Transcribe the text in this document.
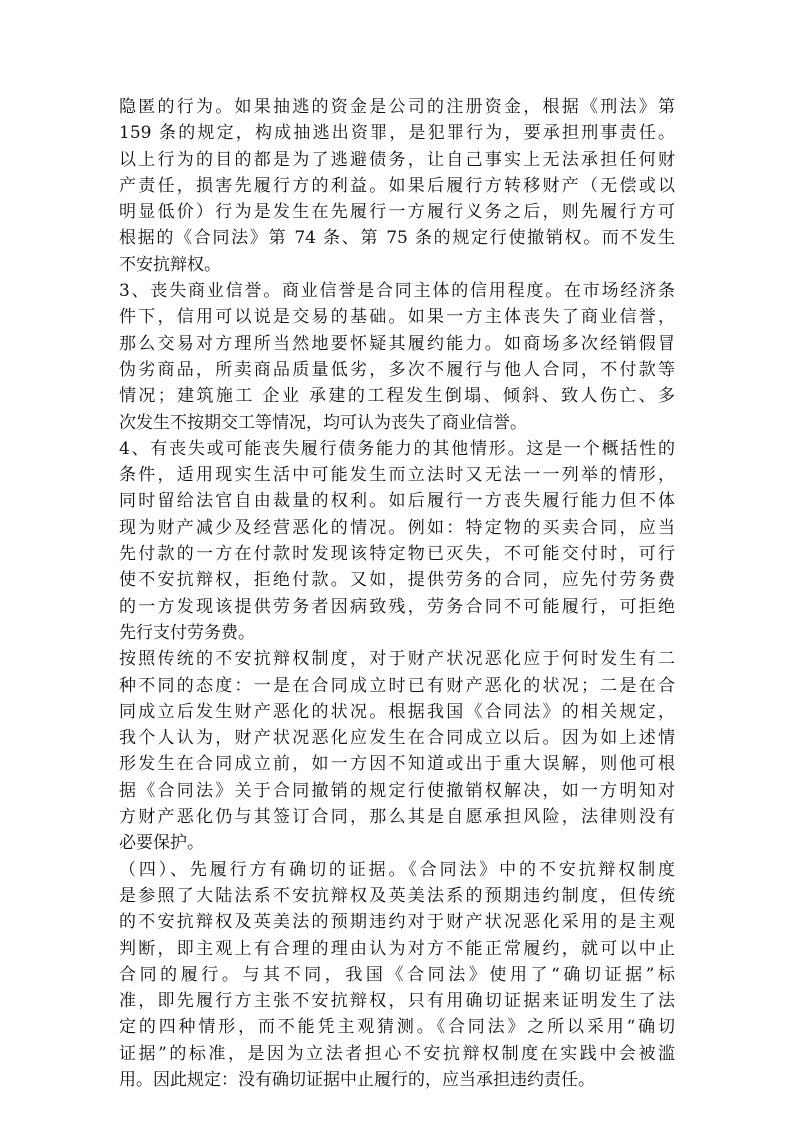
隐匿的行为。如果抽逃的资金是公司的注册资金，根据《刑法》第
159 条的规定，构成抽逃出资罪，是犯罪行为，要承担刑事责任。
以上行为的目的都是为了逃避债务，让自己事实上无法承担任何财
产责任，损害先履行方的利益。如果后履行方转移财产（无偿或以
明显低价）行为是发生在先履行一方履行义务之后，则先履行方可
根据的《合同法》第 74 条、第 75 条的规定行使撤销权。而不发生
不安抗辩权。
3、丧失商业信誉。商业信誉是合同主体的信用程度。在市场经济条
件下，信用可以说是交易的基础。如果一方主体丧失了商业信誉，
那么交易对方理所当然地要怀疑其履约能力。如商场多次经销假冒
伪劣商品，所卖商品质量低劣，多次不履行与他人合同，不付款等
情况；建筑施工 企业 承建的工程发生倒塌、倾斜、致人伤亡、多
次发生不按期交工等情况，均可认为丧失了商业信誉。
4、有丧失或可能丧失履行债务能力的其他情形。这是一个概括性的
条件，适用现实生活中可能发生而立法时又无法一一列举的情形，
同时留给法官自由裁量的权利。如后履行一方丧失履行能力但不体
现为财产减少及经营恶化的情况。例如：特定物的买卖合同，应当
先付款的一方在付款时发现该特定物已灭失，不可能交付时，可行
使不安抗辩权，拒绝付款。又如，提供劳务的合同，应先付劳务费
的一方发现该提供劳务者因病致残，劳务合同不可能履行，可拒绝
先行支付劳务费。
按照传统的不安抗辩权制度，对于财产状况恶化应于何时发生有二
种不同的态度：一是在合同成立时已有财产恶化的状况；二是在合
同成立后发生财产恶化的状况。根据我国《合同法》的相关规定，
我个人认为，财产状况恶化应发生在合同成立以后。因为如上述情
形发生在合同成立前，如一方因不知道或出于重大误解，则他可根
据《合同法》关于合同撤销的规定行使撤销权解决，如一方明知对
方财产恶化仍与其签订合同，那么其是自愿承担风险，法律则没有
必要保护。
（四）、先履行方有确切的证据。《合同法》中的不安抗辩权制度
是参照了大陆法系不安抗辩权及英美法系的预期违约制度，但传统
的不安抗辩权及英美法的预期违约对于财产状况恶化采用的是主观
判断，即主观上有合理的理由认为对方不能正常履约，就可以中止
合同的履行。与其不同，我国《合同法》使用了“确切证据”标
准，即先履行方主张不安抗辩权，只有用确切证据来证明发生了法
定的四种情形，而不能凭主观猜测。《合同法》之所以采用“确切
证据”的标准，是因为立法者担心不安抗辩权制度在实践中会被滥
用。因此规定：没有确切证据中止履行的，应当承担违约责任。
